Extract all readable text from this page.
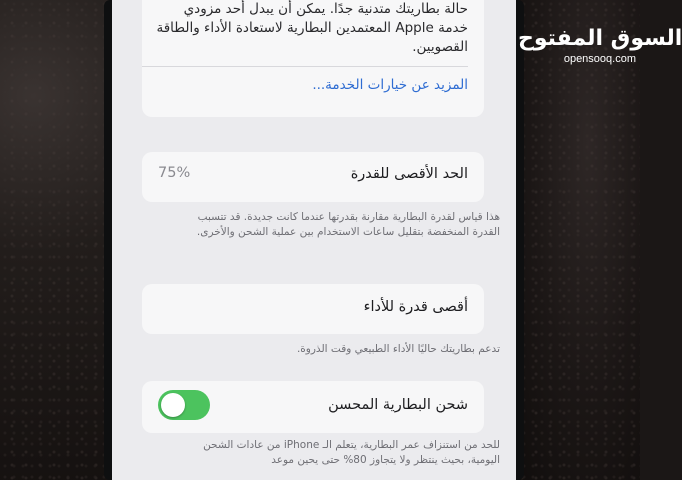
حالة بطاريتك متدنية جدًا. يمكن أن يبدل أحد مزودي خدمة Apple المعتمدين البطارية لاستعادة الأداء والطاقة القصويين.
المزيد عن خيارات الخدمة...
الحد الأقصى للقدرة
75%
هذا قياس لقدرة البطارية مقارنة بقدرتها عندما كانت جديدة. قد تتسبب القدرة المنخفضة بتقليل ساعات الاستخدام بين عملية الشحن والأخرى.
أقصى قدرة للأداء
تدعم بطاريتك حاليًا الأداء الطبيعي وقت الذروة.
شحن البطارية المحسن
للحد من استنزاف عمر البطارية، يتعلم الـ iPhone من عادات الشحن اليومية، بحيث ينتظر ولا يتجاوز 80% حتى يحين موعد
السوق المفتوح
opensooq.com
